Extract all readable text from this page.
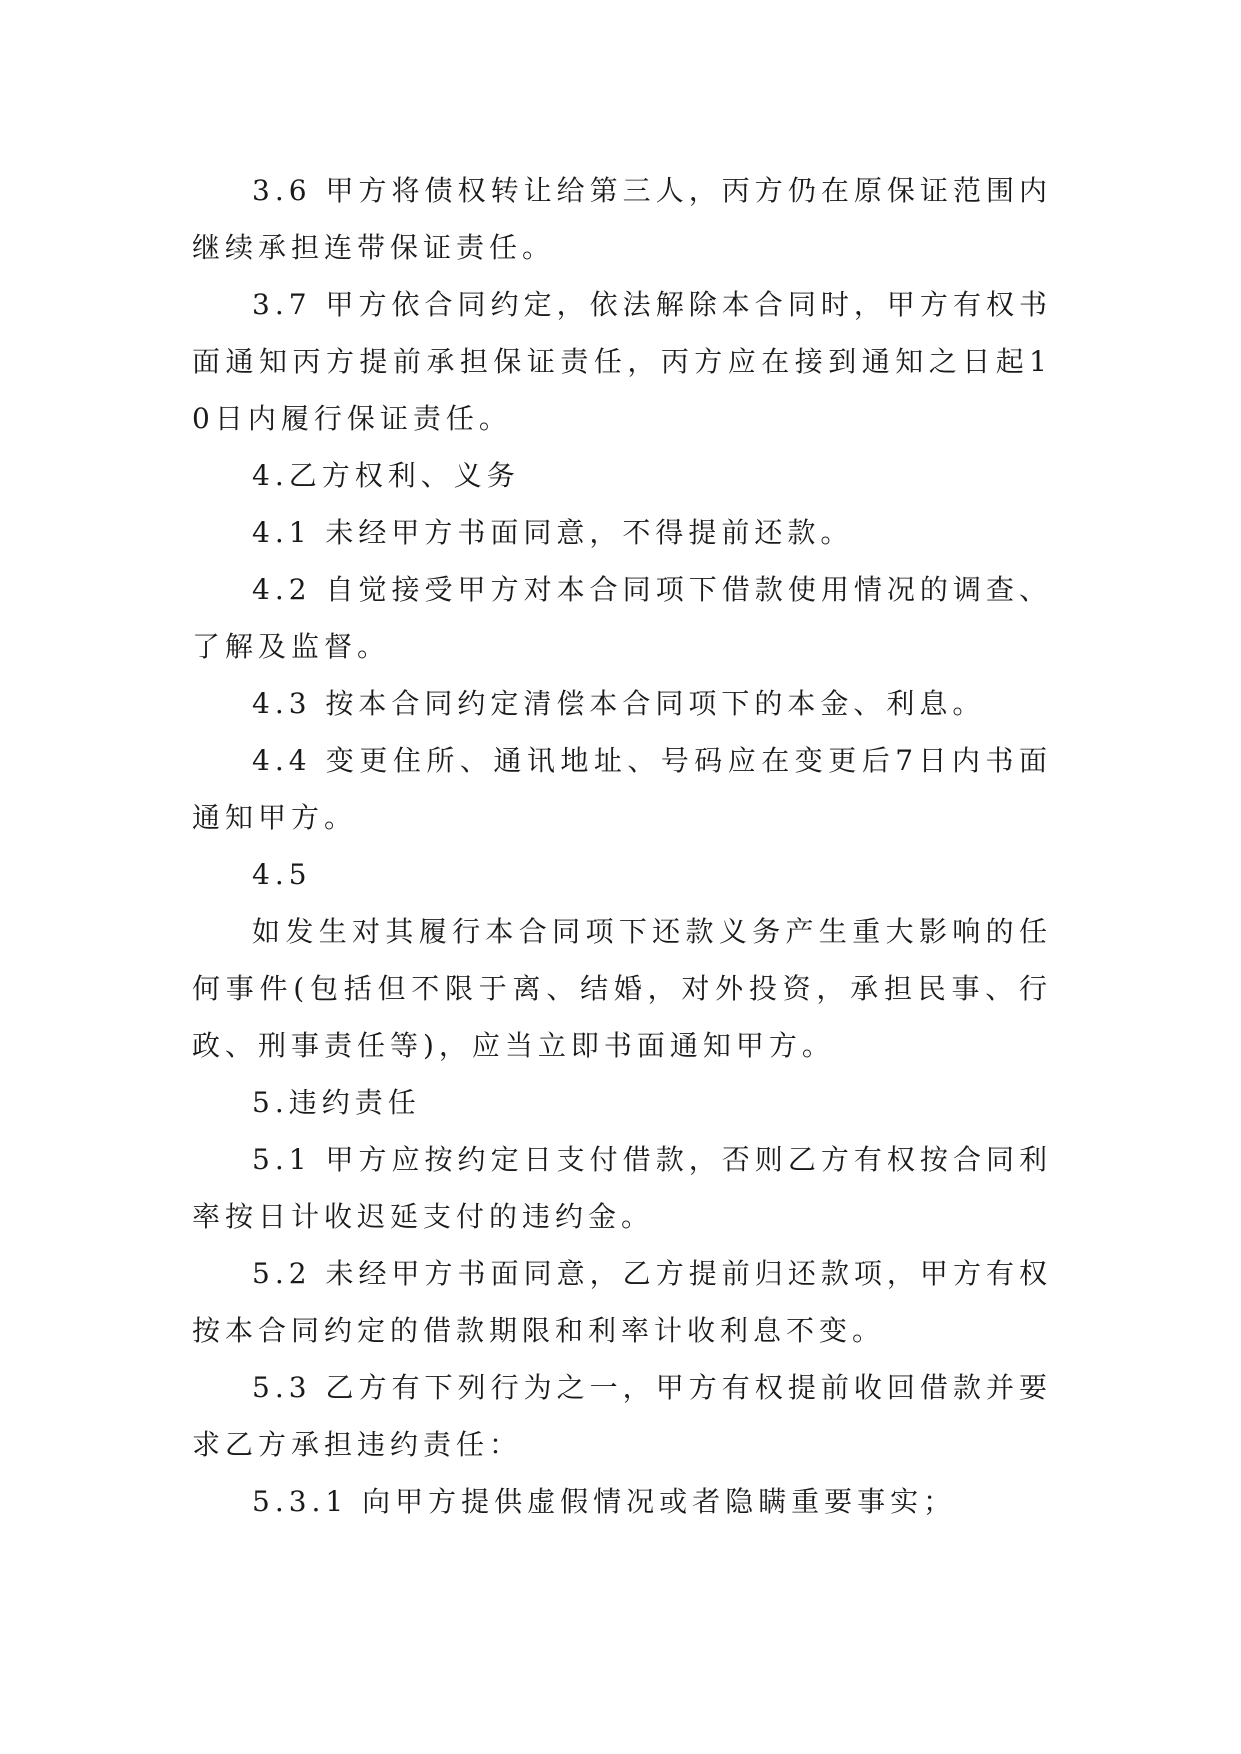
3.6 甲方将债权转让给第三人，丙方仍在原保证范围内继续承担连带保证责任。

3.7 甲方依合同约定，依法解除本合同时，甲方有权书面通知丙方提前承担保证责任，丙方应在接到通知之日起10日内履行保证责任。

4.乙方权利、义务

4.1 未经甲方书面同意，不得提前还款。

4.2 自觉接受甲方对本合同项下借款使用情况的调查、了解及监督。

4.3 按本合同约定清偿本合同项下的本金、利息。

4.4 变更住所、通讯地址、号码应在变更后7日内书面通知甲方。

4.5

如发生对其履行本合同项下还款义务产生重大影响的任何事件(包括但不限于离、结婚，对外投资，承担民事、行政、刑事责任等)，应当立即书面通知甲方。

5.违约责任

5.1 甲方应按约定日支付借款，否则乙方有权按合同利率按日计收迟延支付的违约金。

5.2 未经甲方书面同意，乙方提前归还款项，甲方有权按本合同约定的借款期限和利率计收利息不变。

5.3 乙方有下列行为之一，甲方有权提前收回借款并要求乙方承担违约责任：

5.3.1 向甲方提供虚假情况或者隐瞒重要事实；
